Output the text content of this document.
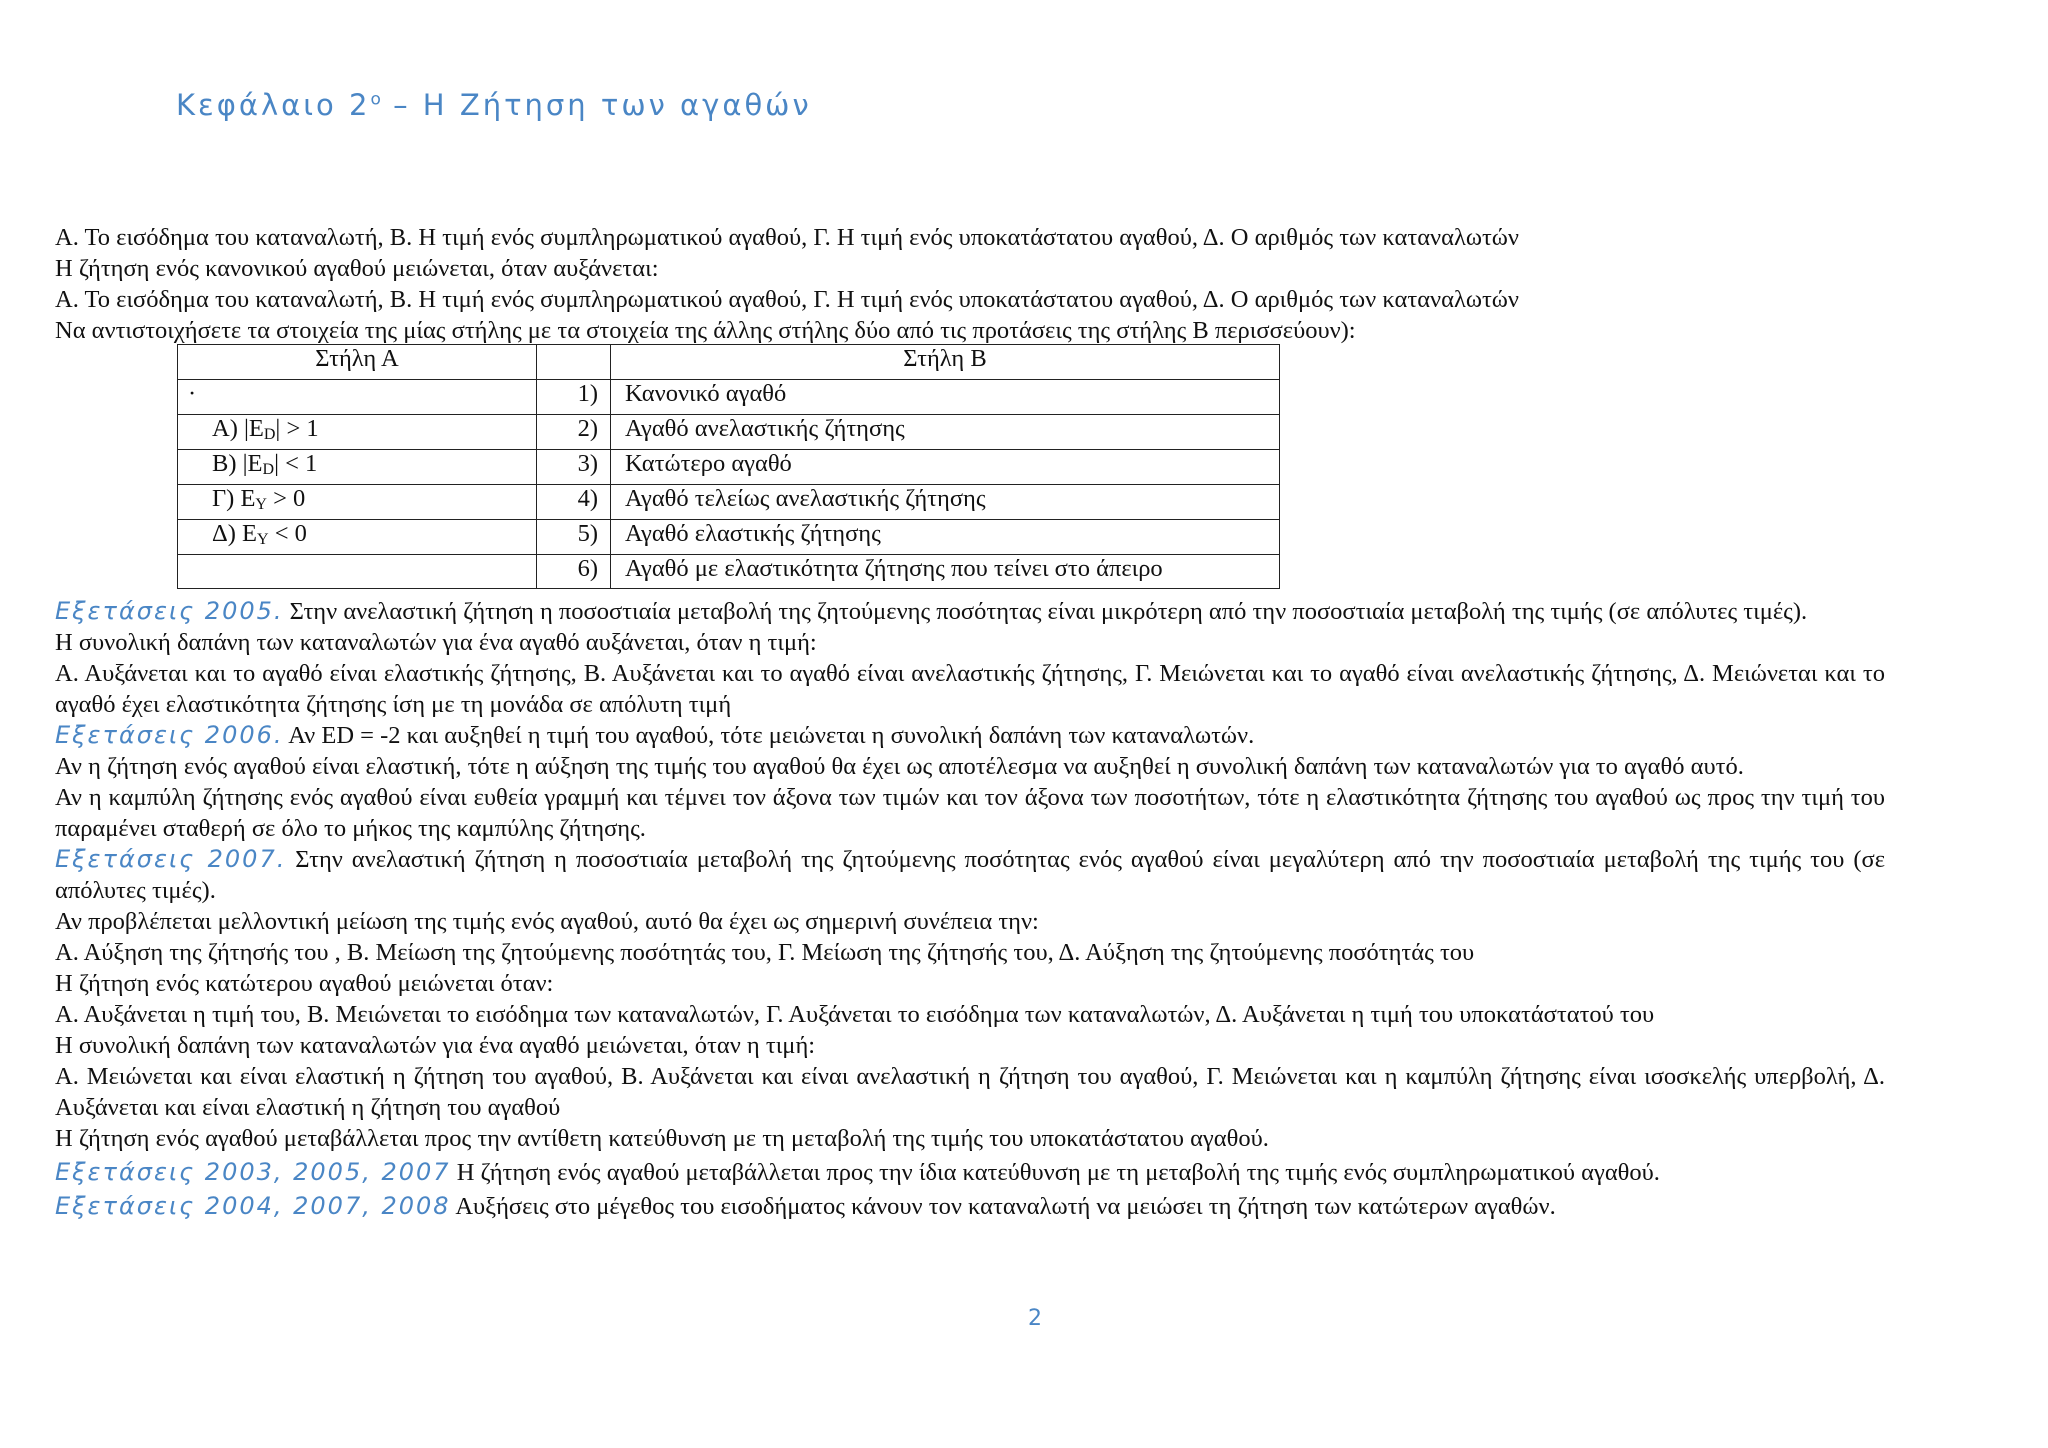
Κεφάλαιο $2^o$ – Η Ζήτηση των αγαθών
Α. Το εισόδημα του καταναλωτή, Β. Η τιμή ενός συμπληρωματικού αγαθού, Γ. Η τιμή ενός υποκατάστατου αγαθού, Δ. Ο αριθμός των καταναλωτών
Η ζήτηση ενός κανονικού αγαθού μειώνεται, όταν αυξάνεται:
Α. Το εισόδημα του καταναλωτή, Β. Η τιμή ενός συμπληρωματικού αγαθού, Γ. Η τιμή ενός υποκατάστατου αγαθού, Δ. Ο αριθμός των καταναλωτών
Να αντιστοιχήσετε τα στοιχεία της μίας στήλης με τα στοιχεία της άλλης στήλης δύο από τις προτάσεις της στήλης Β περισσεύουν):
Στήλη Α		Στήλη Β
·	1)	Κανονικό αγαθό
Α) |ED| > 1	2)	Αγαθό ανελαστικής ζήτησης
Β) |ED| < 1	3)	Κατώτερο αγαθό
Γ) EY > 0	4)	Αγαθό τελείως ανελαστικής ζήτησης
Δ) EY < 0	5)	Αγαθό ελαστικής ζήτησης
	6)	Αγαθό με ελαστικότητα ζήτησης που τείνει στο άπειρο
Εξετάσεις 2005. Στην ανελαστική ζήτηση η ποσοστιαία μεταβολή της ζητούμενης ποσότητας είναι μικρότερη από την ποσοστιαία μεταβολή της τιμής (σε απόλυτες τιμές).
Η συνολική δαπάνη των καταναλωτών για ένα αγαθό αυξάνεται, όταν η τιμή:
Α. Αυξάνεται και το αγαθό είναι ελαστικής ζήτησης, Β. Αυξάνεται και το αγαθό είναι ανελαστικής ζήτησης, Γ. Μειώνεται και το αγαθό είναι ανελαστικής ζήτησης, Δ. Μειώνεται και το αγαθό έχει ελαστικότητα ζήτησης ίση με τη μονάδα σε απόλυτη τιμή
Εξετάσεις 2006. Αν ED = -2 και αυξηθεί η τιμή του αγαθού, τότε μειώνεται η συνολική δαπάνη των καταναλωτών.
Αν η ζήτηση ενός αγαθού είναι ελαστική, τότε η αύξηση της τιμής του αγαθού θα έχει ως αποτέλεσμα να αυξηθεί η συνολική δαπάνη των καταναλωτών για το αγαθό αυτό.
Αν η καμπύλη ζήτησης ενός αγαθού είναι ευθεία γραμμή και τέμνει τον άξονα των τιμών και τον άξονα των ποσοτήτων, τότε η ελαστικότητα ζήτησης του αγαθού ως προς την τιμή του παραμένει σταθερή σε όλο το μήκος της καμπύλης ζήτησης.
Εξετάσεις 2007. Στην ανελαστική ζήτηση η ποσοστιαία μεταβολή της ζητούμενης ποσότητας ενός αγαθού είναι μεγαλύτερη από την ποσοστιαία μεταβολή της τιμής του (σε απόλυτες τιμές).
Αν προβλέπεται μελλοντική μείωση της τιμής ενός αγαθού, αυτό θα έχει ως σημερινή συνέπεια την:
Α. Αύξηση της ζήτησής του , Β. Μείωση της ζητούμενης ποσότητάς του, Γ. Μείωση της ζήτησής του, Δ. Αύξηση της ζητούμενης ποσότητάς του
Η ζήτηση ενός κατώτερου αγαθού μειώνεται όταν:
Α. Αυξάνεται η τιμή του, Β. Μειώνεται το εισόδημα των καταναλωτών, Γ. Αυξάνεται το εισόδημα των καταναλωτών, Δ. Αυξάνεται η τιμή του υποκατάστατού του
Η συνολική δαπάνη των καταναλωτών για ένα αγαθό μειώνεται, όταν η τιμή:
Α. Μειώνεται και είναι ελαστική η ζήτηση του αγαθού, Β. Αυξάνεται και είναι ανελαστική η ζήτηση του αγαθού, Γ. Μειώνεται και η καμπύλη ζήτησης είναι ισοσκελής υπερβολή, Δ. Αυξάνεται και είναι ελαστική η ζήτηση του αγαθού
Η ζήτηση ενός αγαθού μεταβάλλεται προς την αντίθετη κατεύθυνση με τη μεταβολή της τιμής του υποκατάστατου αγαθού.
Εξετάσεις 2003, 2005, 2007 Η ζήτηση ενός αγαθού μεταβάλλεται προς την ίδια κατεύθυνση με τη μεταβολή της τιμής ενός συμπληρωματικού αγαθού.
Εξετάσεις 2004, 2007, 2008 Αυξήσεις στο μέγεθος του εισοδήματος κάνουν τον καταναλωτή να μειώσει τη ζήτηση των κατώτερων αγαθών.
2
